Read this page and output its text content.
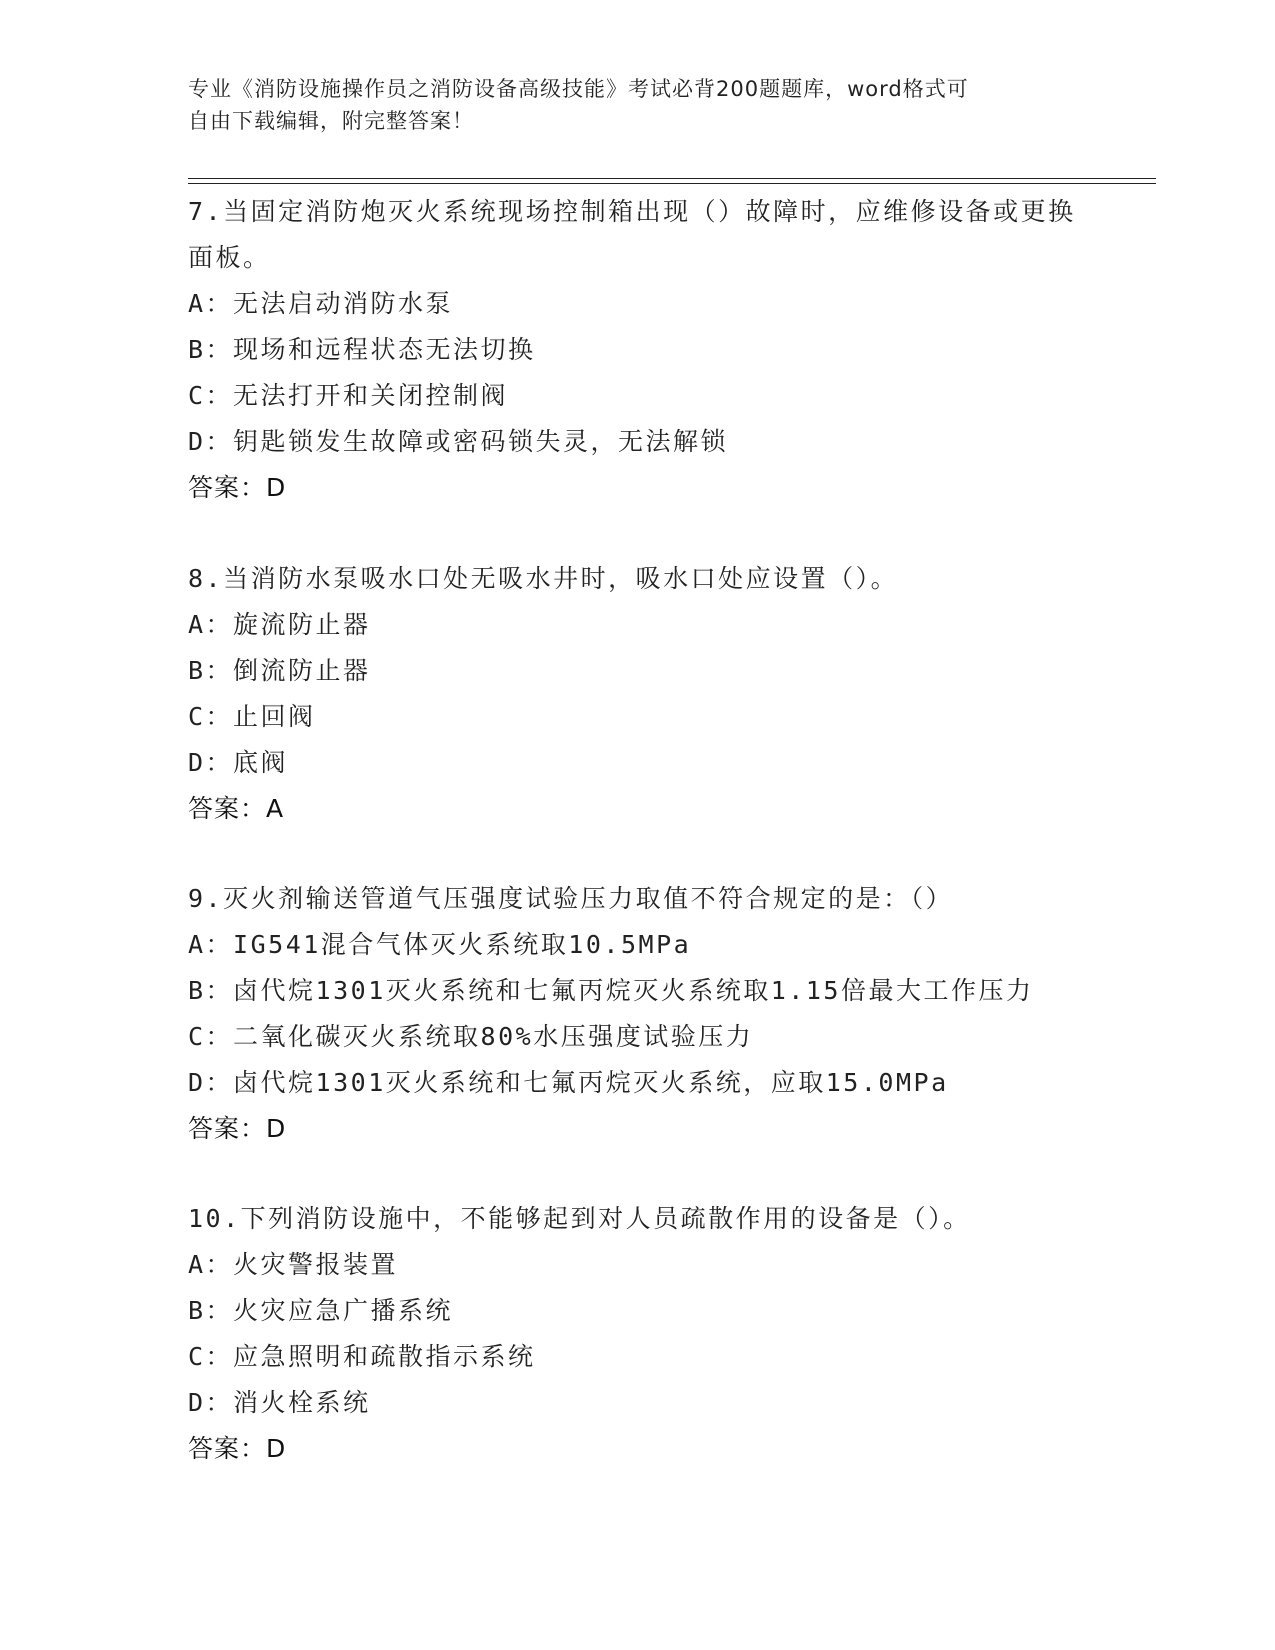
专业《消防设施操作员之消防设备高级技能》考试必背200题题库，word格式可
自由下载编辑，附完整答案！
7.当固定消防炮灭火系统现场控制箱出现（）故障时，应维修设备或更换面板。
A：无法启动消防水泵
B：现场和远程状态无法切换
C：无法打开和关闭控制阀
D：钥匙锁发生故障或密码锁失灵，无法解锁
答案：D
8.当消防水泵吸水口处无吸水井时，吸水口处应设置（）。
A：旋流防止器
B：倒流防止器
C：止回阀
D：底阀
答案：A
9.灭火剂输送管道气压强度试验压力取值不符合规定的是：（）
A：IG541混合气体灭火系统取10.5MPa
B：卤代烷1301灭火系统和七氟丙烷灭火系统取1.15倍最大工作压力
C：二氧化碳灭火系统取80%水压强度试验压力
D：卤代烷1301灭火系统和七氟丙烷灭火系统，应取15.0MPa
答案：D
10.下列消防设施中，不能够起到对人员疏散作用的设备是（）。
A：火灾警报装置
B：火灾应急广播系统
C：应急照明和疏散指示系统
D：消火栓系统
答案：D
